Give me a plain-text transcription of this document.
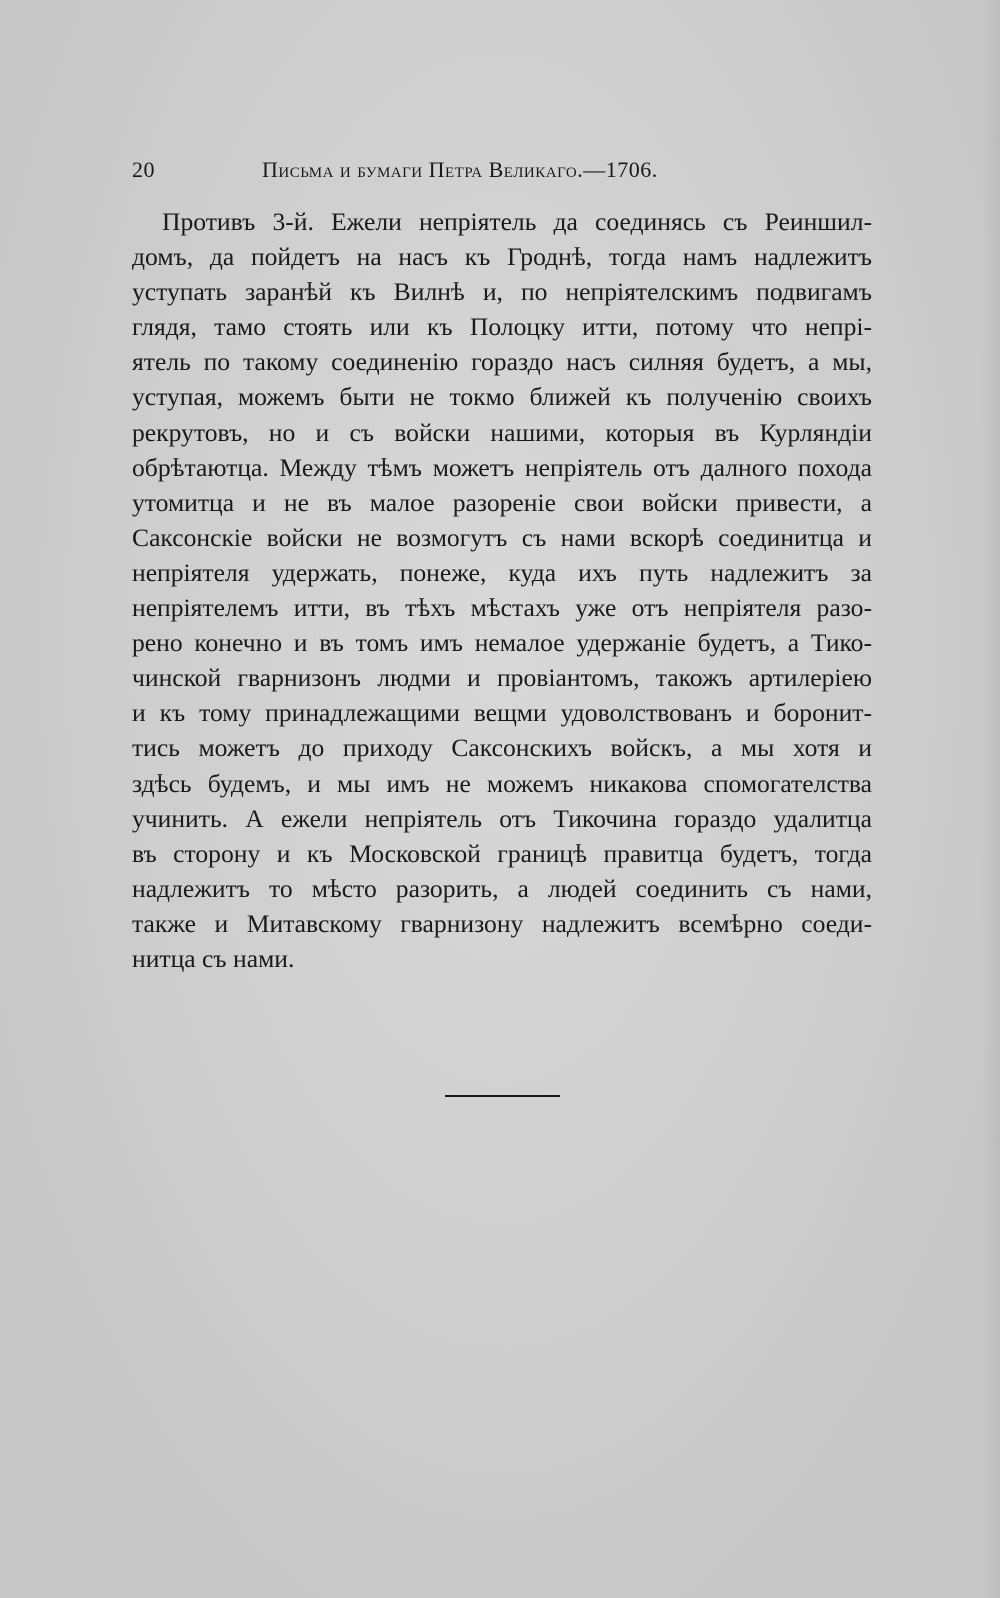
20	Письма и бумаги Петра Великаго.—1706.
Противъ 3-й. Ежели непріятель да соединясь съ Реиншил-
домъ, да пойдетъ на насъ къ Гроднѣ, тогда намъ надлежитъ
уступать заранѣй къ Вилнѣ и, по непріятелскимъ подвигамъ
глядя, тамо стоять или къ Полоцку итти, потому что непрі-
ятель по такому соединенію гораздо насъ силняя будетъ, а мы,
уступая, можемъ быти не токмо ближей къ полученію своихъ
рекрутовъ, но и съ войски нашими, которыя въ Курляндіи
обрѣтаютца. Между тѣмъ можетъ непріятель отъ далного похода
утомитца и не въ малое разореніе свои войски привести, а
Саксонскіе войски не возмогутъ съ нами вскорѣ соединитца и
непріятеля удержать, понеже, куда ихъ путь надлежитъ за
непріятелемъ итти, въ тѣхъ мѣстахъ уже отъ непріятеля разо-
рено конечно и въ томъ имъ немалое удержаніе будетъ, а Тико-
чинской гварнизонъ людми и провіантомъ, такожъ артилеріею
и къ тому принадлежащими вещми удоволствованъ и боронит-
тись можетъ до приходу Саксонскихъ войскъ, а мы хотя и
здѣсь будемъ, и мы имъ не можемъ никакова спомогателства
учинить. А ежели непріятель отъ Тикочина гораздо удалитца
въ сторону и къ Московской границѣ правитца будетъ, тогда
надлежитъ то мѣсто разорить, а людей соединить съ нами,
также и Митавскому гварнизону надлежитъ всемѣрно соеди-
нитца съ нами.
